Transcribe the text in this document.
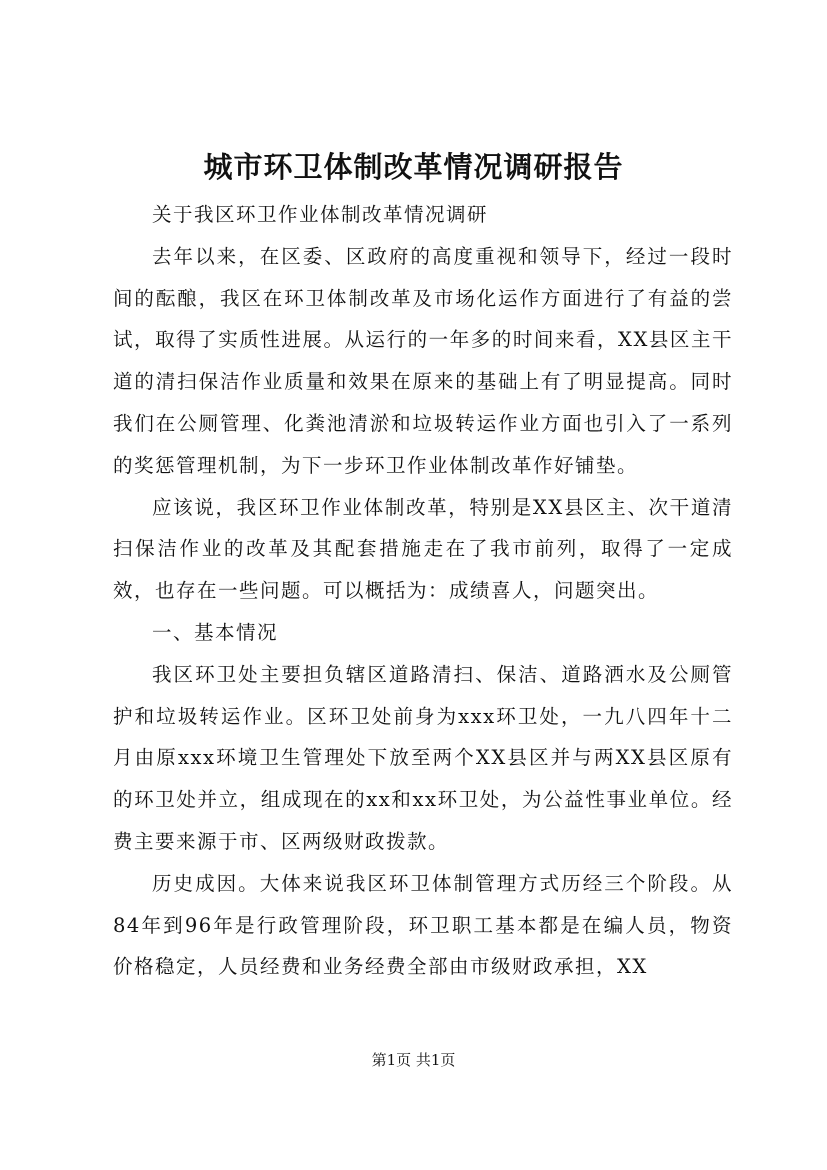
城市环卫体制改革情况调研报告

关于我区环卫作业体制改革情况调研

去年以来，在区委、区政府的高度重视和领导下，经过一段时间的酝酿，我区在环卫体制改革及市场化运作方面进行了有益的尝试，取得了实质性进展。从运行的一年多的时间来看，XX县区主干道的清扫保洁作业质量和效果在原来的基础上有了明显提高。同时我们在公厕管理、化粪池清淤和垃圾转运作业方面也引入了一系列的奖惩管理机制，为下一步环卫作业体制改革作好铺垫。

应该说，我区环卫作业体制改革，特别是XX县区主、次干道清扫保洁作业的改革及其配套措施走在了我市前列，取得了一定成效，也存在一些问题。可以概括为：成绩喜人，问题突出。

一、基本情况

我区环卫处主要担负辖区道路清扫、保洁、道路洒水及公厕管护和垃圾转运作业。区环卫处前身为xxx环卫处，一九八四年十二月由原xxx环境卫生管理处下放至两个XX县区并与两XX县区原有的环卫处并立，组成现在的xx和xx环卫处，为公益性事业单位。经费主要来源于市、区两级财政拨款。

历史成因。大体来说我区环卫体制管理方式历经三个阶段。从84年到96年是行政管理阶段，环卫职工基本都是在编人员，物资价格稳定，人员经费和业务经费全部由市级财政承担，XX

第1页 共1页
